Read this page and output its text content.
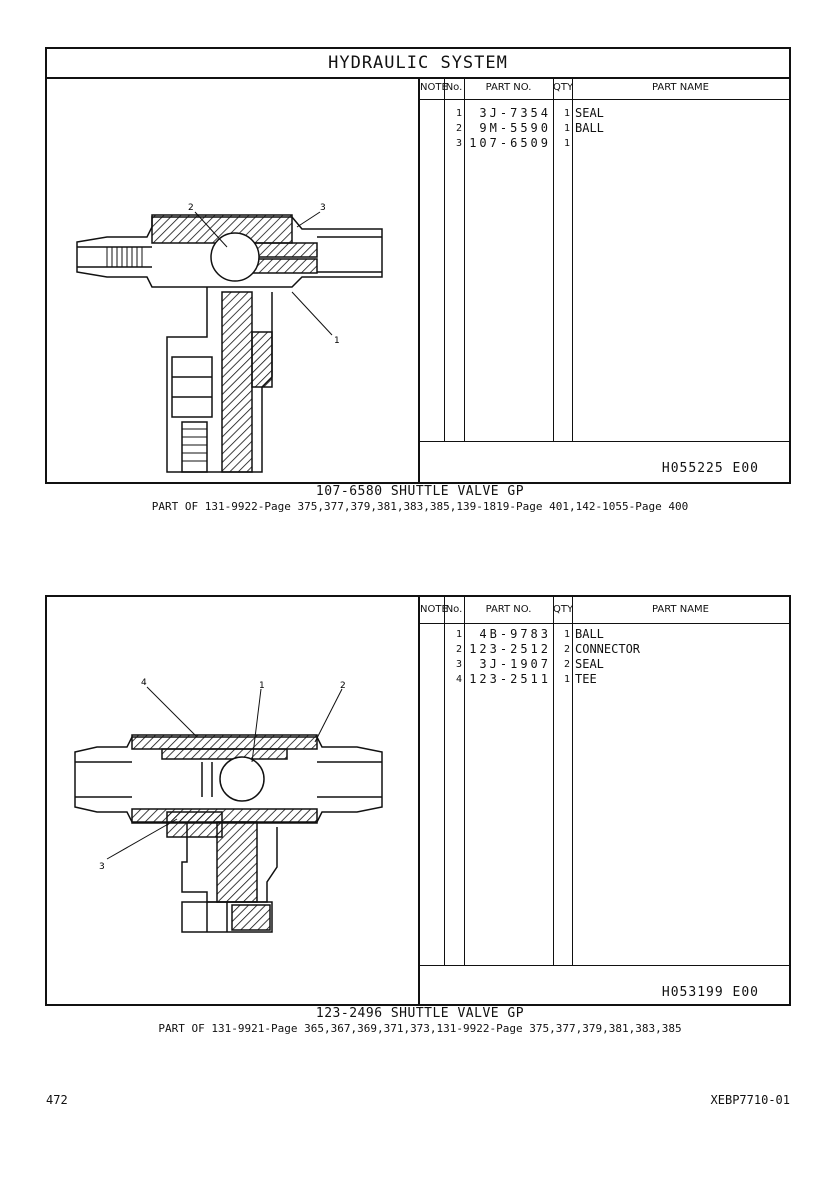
HYDRAULIC SYSTEM
2	3
1
NOTE
No.	PART NO.	QTY	PART NAME
1	3J-7354	1 SEAL
2	9M-5590	1 BALL
3 107-6509	1
H055225 E00
107-6580 SHUTTLE VALVE GP
PART OF 131-9922-Page 375,377,379,381,383,385,139-1819-Page 401,142-1055-Page 400
4	1	2
3
NOTE
No.	PART NO.	QTY	PART NAME
1	4B-9783	1 BALL
2 123-2512	2 CONNECTOR
3	3J-1907	2 SEAL
4 123-2511	1 TEE
H053199 E00
123-2496 SHUTTLE VALVE GP
PART OF 131-9921-Page 365,367,369,371,373,131-9922-Page 375,377,379,381,383,385
472	XEBP7710-01
